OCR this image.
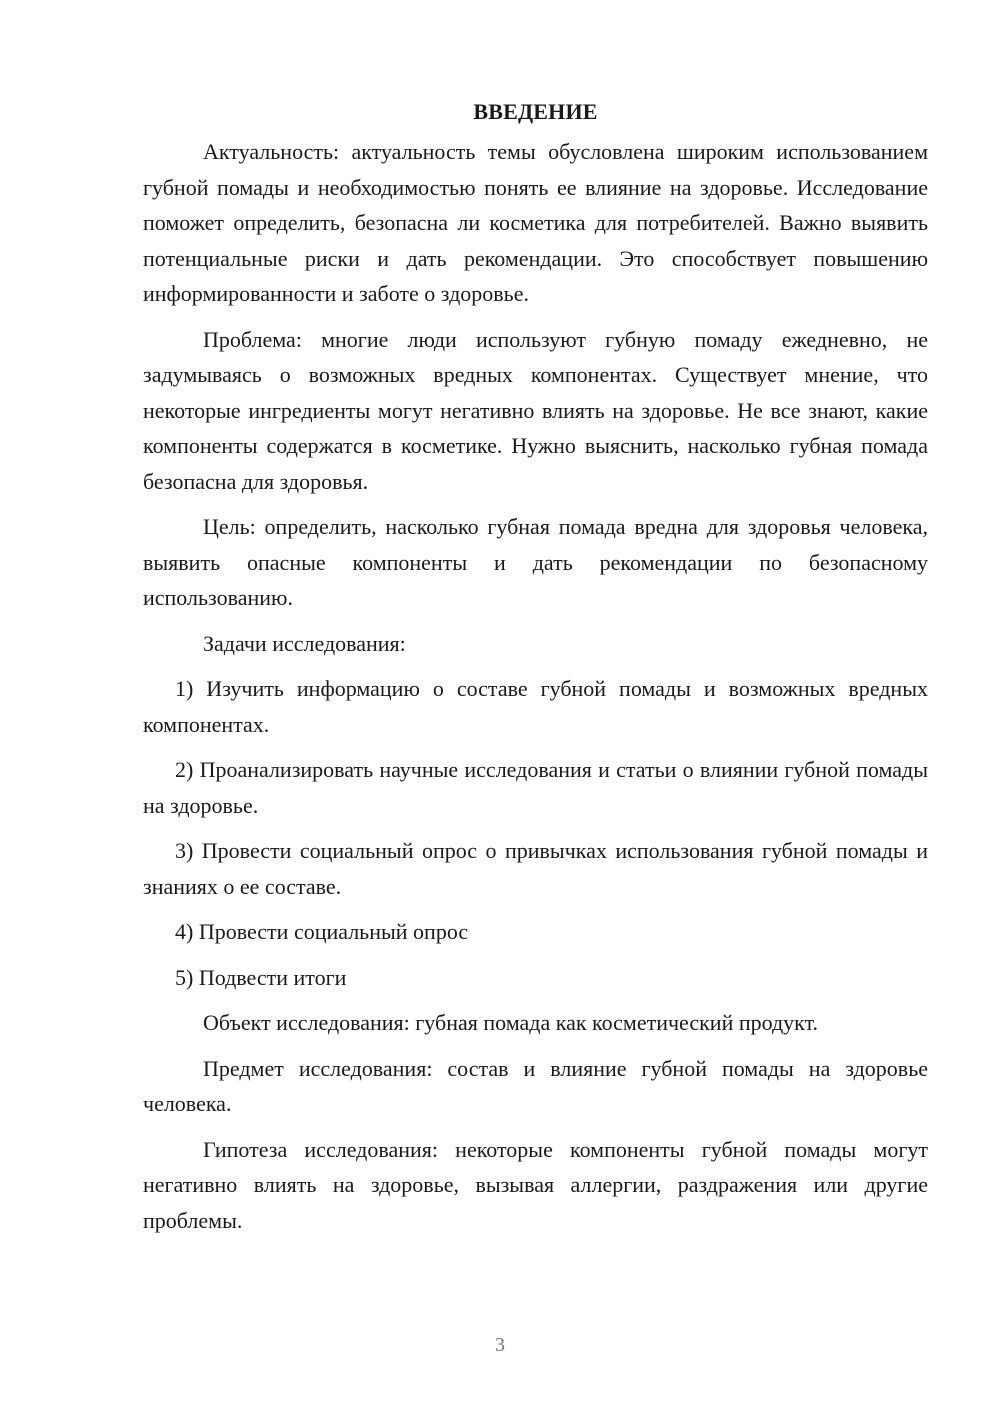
ВВЕДЕНИЕ

Актуальность: актуальность темы обусловлена широким использованием губной помады и необходимостью понять ее влияние на здоровье. Исследование поможет определить, безопасна ли косметика для потребителей. Важно выявить потенциальные риски и дать рекомендации. Это способствует повышению информированности и заботе о здоровье.

Проблема: многие люди используют губную помаду ежедневно, не задумываясь о возможных вредных компонентах. Существует мнение, что некоторые ингредиенты могут негативно влиять на здоровье. Не все знают, какие компоненты содержатся в косметике. Нужно выяснить, насколько губная помада безопасна для здоровья.

Цель: определить, насколько губная помада вредна для здоровья человека, выявить опасные компоненты и дать рекомендации по безопасному использованию.

Задачи исследования:

1) Изучить информацию о составе губной помады и возможных вредных компонентах.

2) Проанализировать научные исследования и статьи о влиянии губной помады на здоровье.

3) Провести социальный опрос о привычках использования губной помады и знаниях о ее составе.

4) Провести социальный опрос

5) Подвести итоги

Объект исследования: губная помада как косметический продукт.

Предмет исследования: состав и влияние губной помады на здоровье человека.

Гипотеза исследования: некоторые компоненты губной помады могут негативно влиять на здоровье, вызывая аллергии, раздражения или другие проблемы.

3
